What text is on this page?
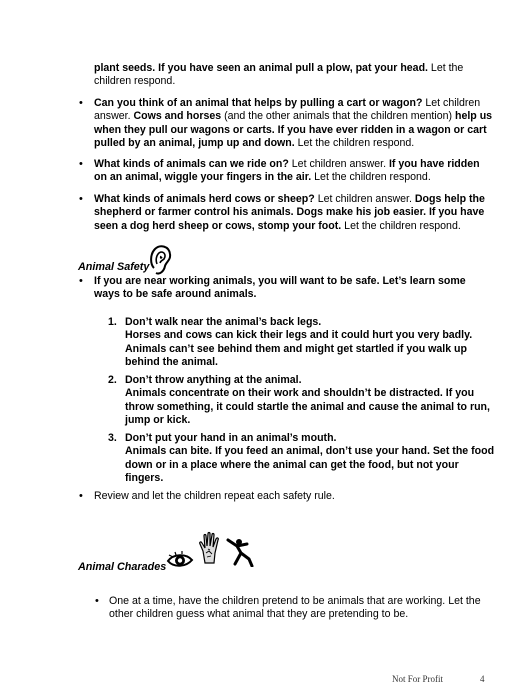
plant seeds. If you have seen an animal pull a plow, pat your head. Let the children respond.
• Can you think of an animal that helps by pulling a cart or wagon? Let children answer. Cows and horses (and the other animals that the children mention) help us when they pull our wagons or carts. If you have ever ridden in a wagon or cart pulled by an animal, jump up and down. Let the children respond.
• What kinds of animals can we ride on? Let children answer. If you have ridden on an animal, wiggle your fingers in the air. Let the children respond.
• What kinds of animals herd cows or sheep? Let children answer. Dogs help the shepherd or farmer control his animals. Dogs make his job easier. If you have seen a dog herd sheep or cows, stomp your foot. Let the children respond.
Animal Safety
• If you are near working animals, you will want to be safe. Let’s learn some ways to be safe around animals.
1. Don’t walk near the animal’s back legs.
Horses and cows can kick their legs and it could hurt you very badly. Animals can’t see behind them and might get startled if you walk up behind the animal.
2. Don’t throw anything at the animal.
Animals concentrate on their work and shouldn’t be distracted. If you throw something, it could startle the animal and cause the animal to run, jump or kick.
3. Don’t put your hand in an animal’s mouth.
Animals can bite. If you feed an animal, don’t use your hand. Set the food down or in a place where the animal can get the food, but not your fingers.
• Review and let the children repeat each safety rule.
Animal Charades
• One at a time, have the children pretend to be animals that are working. Let the other children guess what animal that they are pretending to be.
Not For Profit	4
